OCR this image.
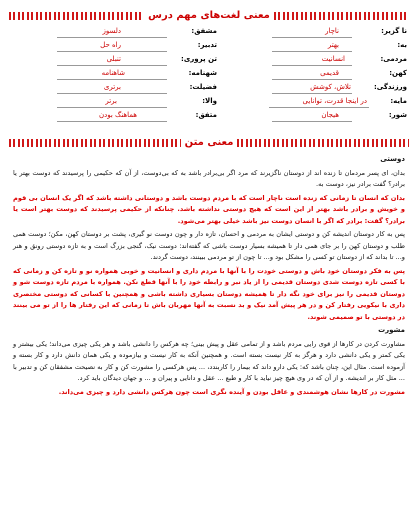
معنی لغت‌های مهم درس
نا گزیر:
ناچار
مشفق:
دلسوز
به:
بهتر
تدبیر:
راه حل
مردمی:
انسانیت
تن پروری:
تنبلی
کهن:
قدیمی
شهنامه:
شاهنامه
ورزندگی:
تلاش، کوشش
فضیلت:
برتری
مایه:
در اینجا قدرت، توانایی
والا:
برتر
شور:
هیجان
متفق:
هماهنگ بودن
معنی متن

دوستی

بدان، ای پسر مردمان تا زنده اند از دوستان ناگزیرند که مرد اگر بی‌برادر باشد به که بی‌دوست، از آن که حکیمی را پرسیدند که دوست بهتر یا برادر؟ گفت برادر نیز، دوست به.

بدان که انسان تا زمانی که زنده است ناچار است که با مردم دوست باشد و دوستانی داشته باشد که اگر یک انسان بی قوم و خویش و برادر باشد بهتر از این است که هیچ دوستی نداشته باشد. چنانکه از حکیمی پرسیدند که دوست بهتر است یا برادر؟ گفت: برادر که اگر با انسان دوست نیز باشد خیلی بهتر می‌شود.

پس به کار دوستان اندیشه کن و دوستی ایشان به مردمی و احسان، تازه دار و چون دوست نو گیری، پشت بر دوستان کهن، مکن؛ دوست همی طلب و دوستان کهن را بر جای همی دار تا همیشه بسیار دوست باشی که گفته‌اند: دوست نیک، گنجی بزرگ است و به تازه دوستی رونق و هنر و... تا بداند که از دوستان تو کسی را مشکل بود و... تا چون از تو مردمی ببینند، دوست گردند.

پس به فکر دوستان خود باش و دوستی خودت را با آنها با مردم داری و انسانیت و خوبی همواره نو و تازه کن و زمانی که با کسی تازه دوست شدی دوستان قدیمی را از یاد نبر و رابطه خود را با آنها قطع نکن. همواره با مردم تازه دوست شو و دوستان قدیمی را نیز برای خود نگه دار تا همیشه دوستان بسیاری داشته باشی و همچنین با کسانی که دوستی مختصری داری با نیکویی رفتار کن و در هر پیش آمد نیک و بد نسبت به آنها مهربان باش تا زمانی که این رفتار ها را از تو می بینند در دوستی با تو صمیمی شوند.

مشورت

مشاورت کردن در کارها از قوی رایی مردم باشد و از تمامی عقل و پیش بینی؛ چه هرکس را دانشی باشد و هر یکی چیزی می‌داند؛ یکی بیشتر و یکی کمتر و یکی دانشی دارد و هرگز به کار نیست بسته است. و همچنین آنکه به کار نیست و بیازموده و یکی همان دانش دارد و کار بسته و آزموده است. مثال این، چنان باشد که: یکی دارو داند که بیمار را کاربندد، ... پس هرکسی را مشورت کن و کار به نصیحت مشفقان کن و تدبیر با ... مثل کار بر اندیشه. و از آن که در وی هیچ چیز نیاید با کار و طبع ... عقل و دانایی و پیران و ... و جهان دیدگان باید کرد.

مشورت در کارها نشان هوشمندی و عاقل بودن و آینده نگری است چون هرکس دانشی دارد و چیزی می‌داند.
